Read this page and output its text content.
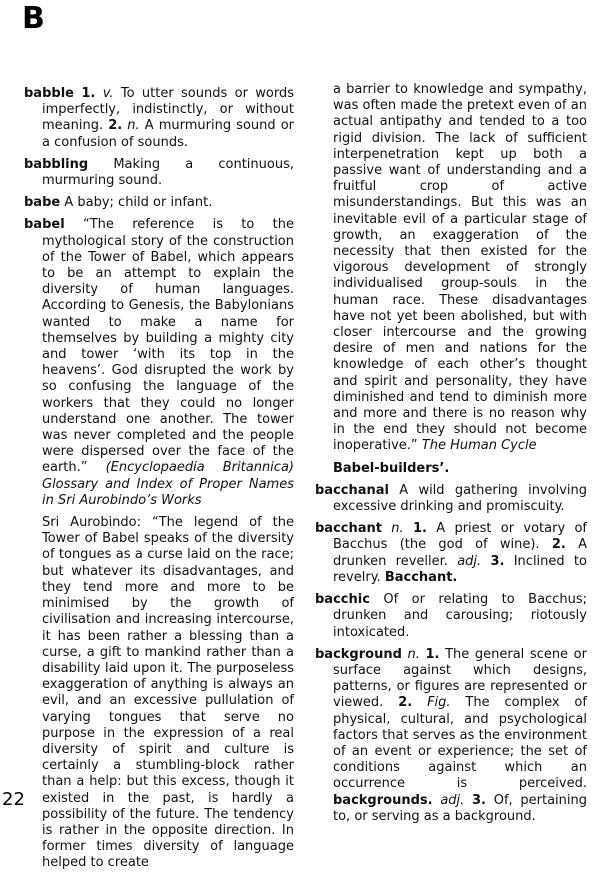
B
babble 1. v. To utter sounds or words imperfectly, indistinctly, or without meaning. 2. n. A murmuring sound or a confusion of sounds.
babbling Making a continuous, murmuring sound.
babe A baby; child or infant.
babel “The reference is to the mythological story of the construction of the Tower of Babel, which appears to be an attempt to explain the diversity of human languages. According to Genesis, the Babylonians wanted to make a name for themselves by building a mighty city and tower ‘with its top in the heavens’. God disrupted the work by so confusing the language of the workers that they could no longer understand one another. The tower was never completed and the people were dispersed over the face of the earth.” (Encyclopaedia Britannica) Glossary and Index of Proper Names in Sri Aurobindo’s Works
Sri Aurobindo: “The legend of the Tower of Babel speaks of the diversity of tongues as a curse laid on the race; but whatever its disadvantages, and they tend more and more to be minimised by the growth of civilisation and increasing intercourse, it has been rather a blessing than a curse, a gift to mankind rather than a disability laid upon it. The purposeless exaggeration of anything is always an evil, and an excessive pullulation of varying tongues that serve no purpose in the expression of a real diversity of spirit and culture is certainly a stumbling-block rather than a help: but this excess, though it existed in the past, is hardly a possibility of the future. The tendency is rather in the opposite direction. In former times diversity of language helped to create
a barrier to knowledge and sympathy, was often made the pretext even of an actual antipathy and tended to a too rigid division. The lack of sufficient interpenetration kept up both a passive want of understanding and a fruitful crop of active misunderstandings. But this was an inevitable evil of a particular stage of growth, an exaggeration of the necessity that then existed for the vigorous development of strongly individualised group-souls in the human race. These disadvantages have not yet been abolished, but with closer intercourse and the growing desire of men and nations for the knowledge of each other’s thought and spirit and personality, they have diminished and tend to diminish more and more and there is no reason why in the end they should not become inoperative.” The Human Cycle
Babel-builders’.
bacchanal A wild gathering involving excessive drinking and promiscuity.
bacchant n. 1. A priest or votary of Bacchus (the god of wine). 2. A drunken reveller. adj. 3. Inclined to revelry. Bacchant.
bacchic Of or relating to Bacchus; drunken and carousing; riotously intoxicated.
background n. 1. The general scene or surface against which designs, patterns, or figures are represented or viewed. 2. Fig. The complex of physical, cultural, and psychological factors that serves as the environment of an event or experience; the set of conditions against which an occurrence is perceived. backgrounds. adj. 3. Of, pertaining to, or serving as a background.
22
